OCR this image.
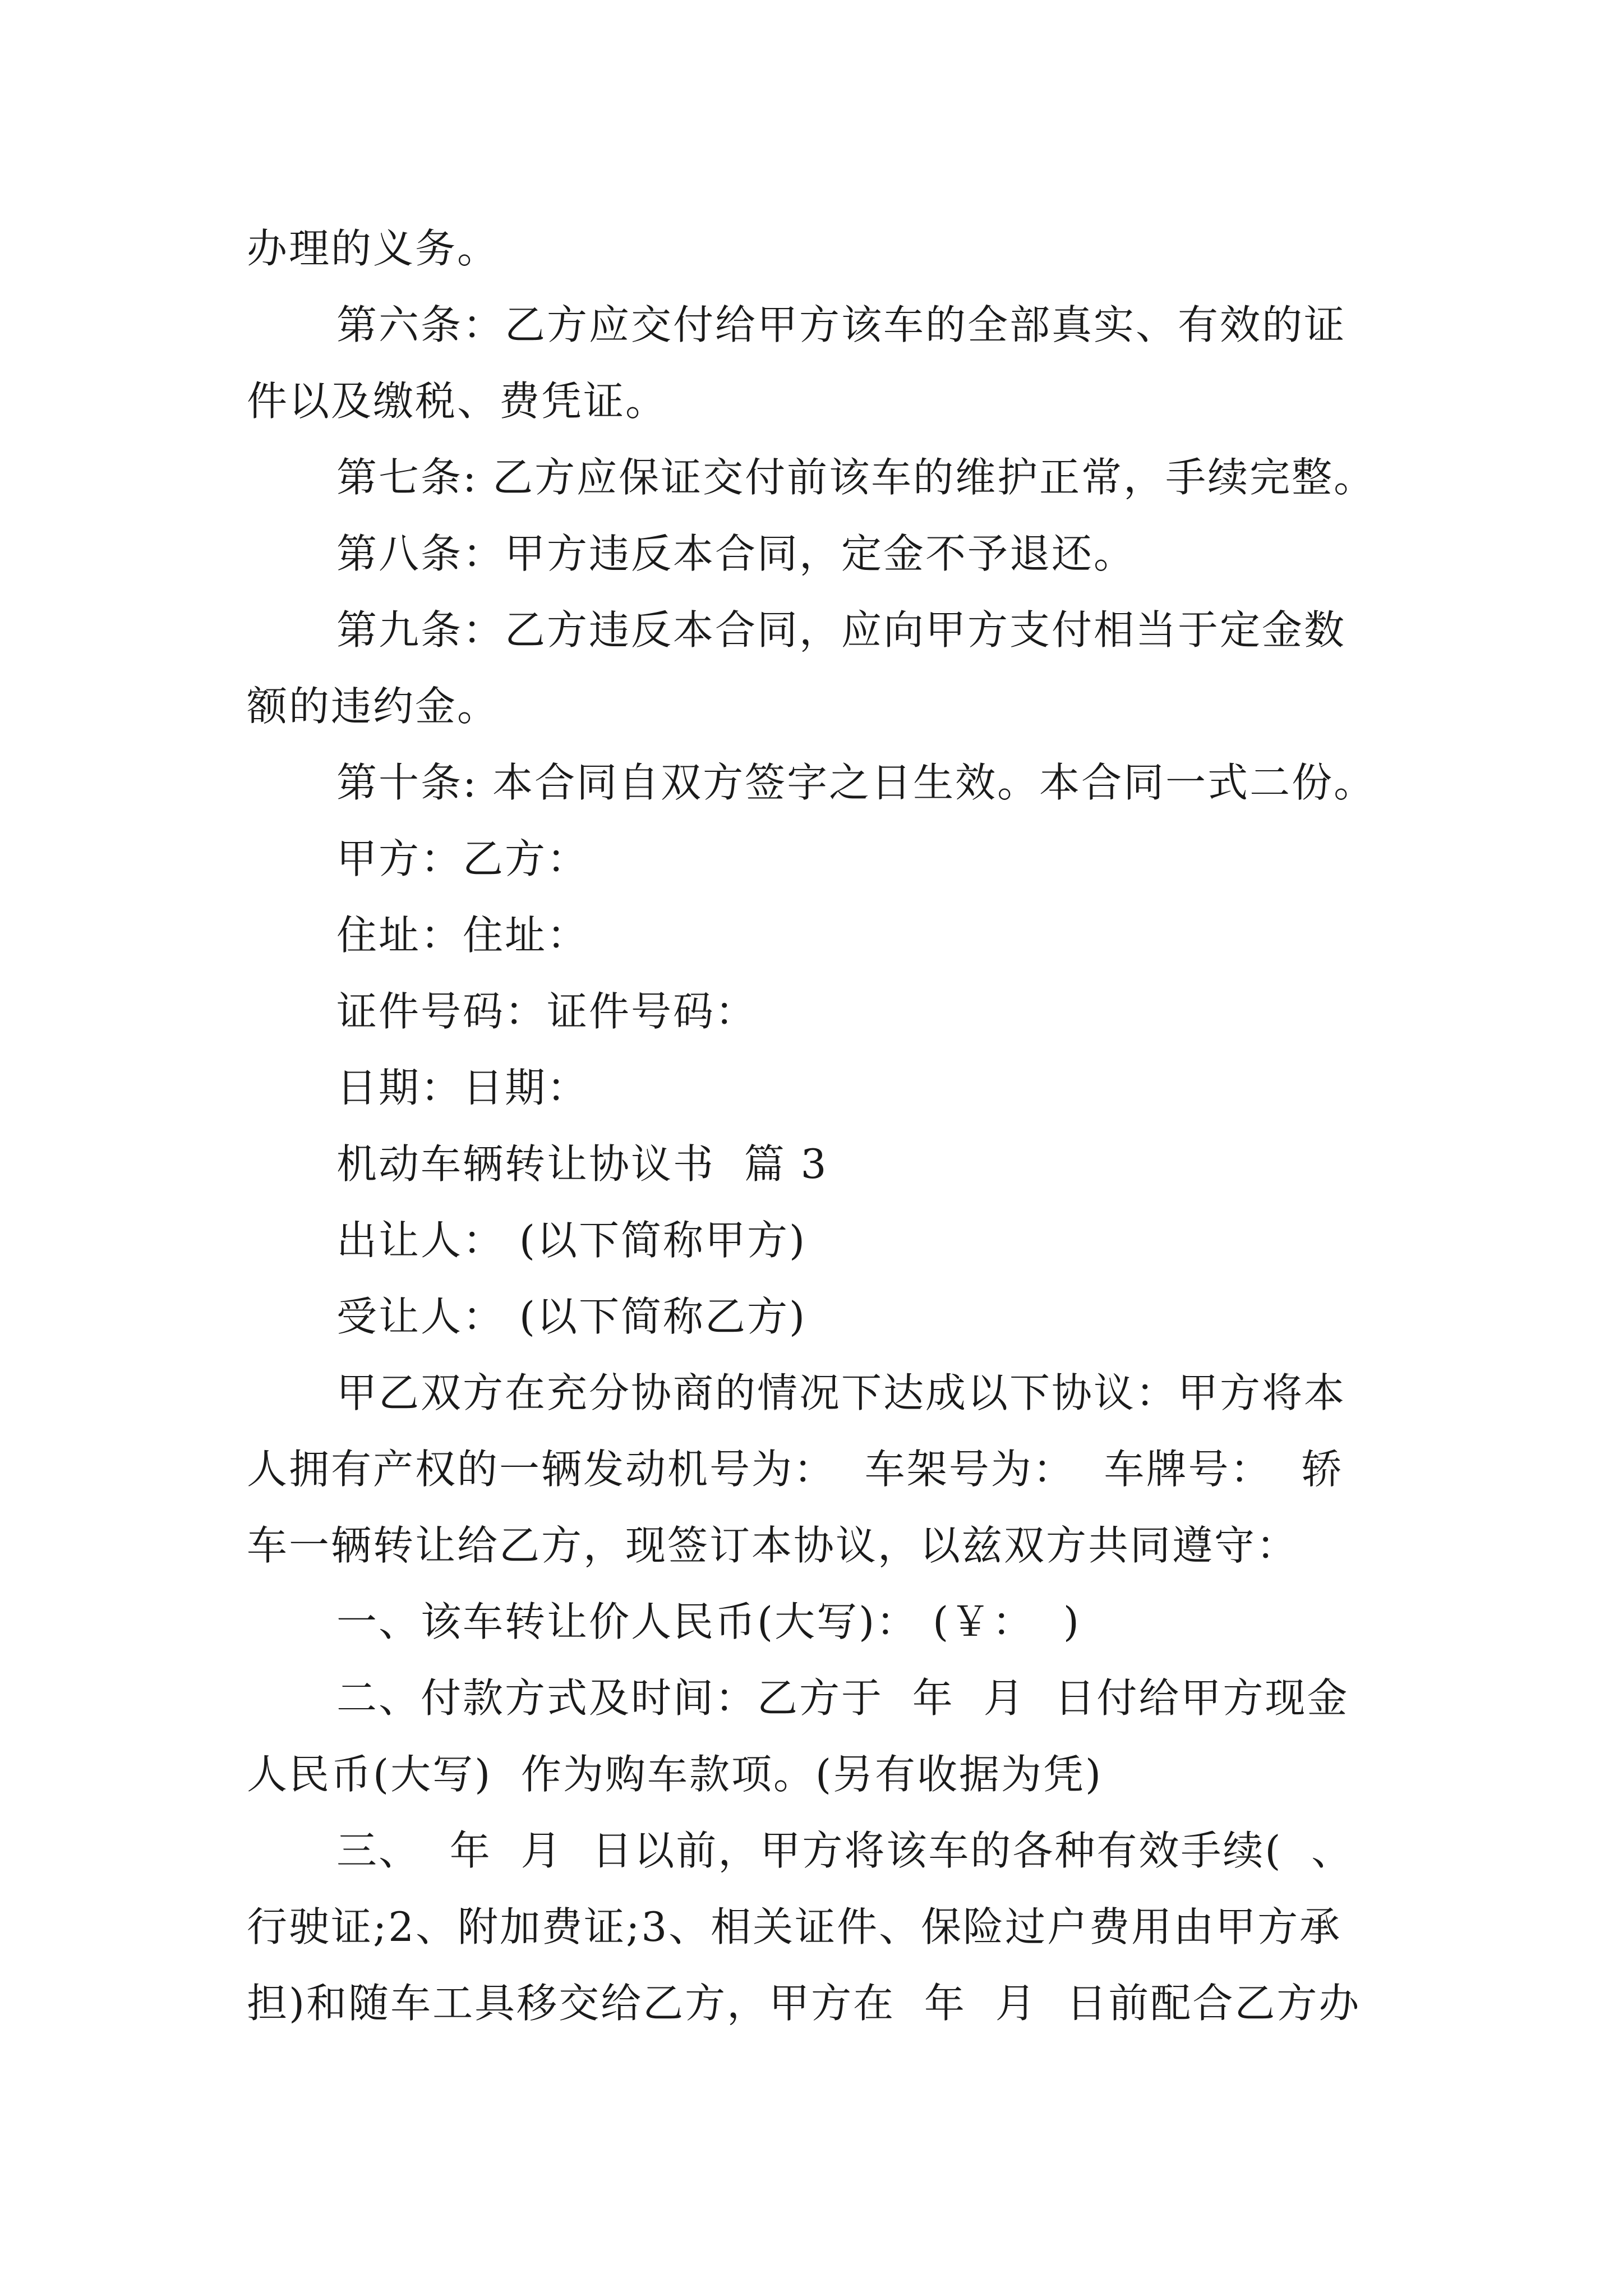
办理的义务。
第六条：乙方应交付给甲方该车的全部真实、有效的证
件以及缴税、费凭证。
第七条: 乙方应保证交付前该车的维护正常，手续完整。
第八条：甲方违反本合同，定金不予退还。
第九条：乙方违反本合同，应向甲方支付相当于定金数
额的违约金。
第十条: 本合同自双方签字之日生效。本合同一式二份。
甲方：乙方：
住址：住址：
证件号码：证件号码：
日期：日期：
机动车辆转让协议书  篇 3
出让人： (以下简称甲方)
受让人： (以下简称乙方)
甲乙双方在充分协商的情况下达成以下协议：甲方将本
人拥有产权的一辆发动机号为：  车架号为：  车牌号：  轿
车一辆转让给乙方，现签订本协议，以兹双方共同遵守：
一、该车转让价人民币(大写)： (￥：  )
二、付款方式及时间：乙方于  年  月  日付给甲方现金
人民币(大写)  作为购车款项。(另有收据为凭)
三、  年  月  日以前，甲方将该车的各种有效手续(  、
行驶证;2、附加费证;3、相关证件、保险过户费用由甲方承
担)和随车工具移交给乙方，甲方在  年  月  日前配合乙方办
